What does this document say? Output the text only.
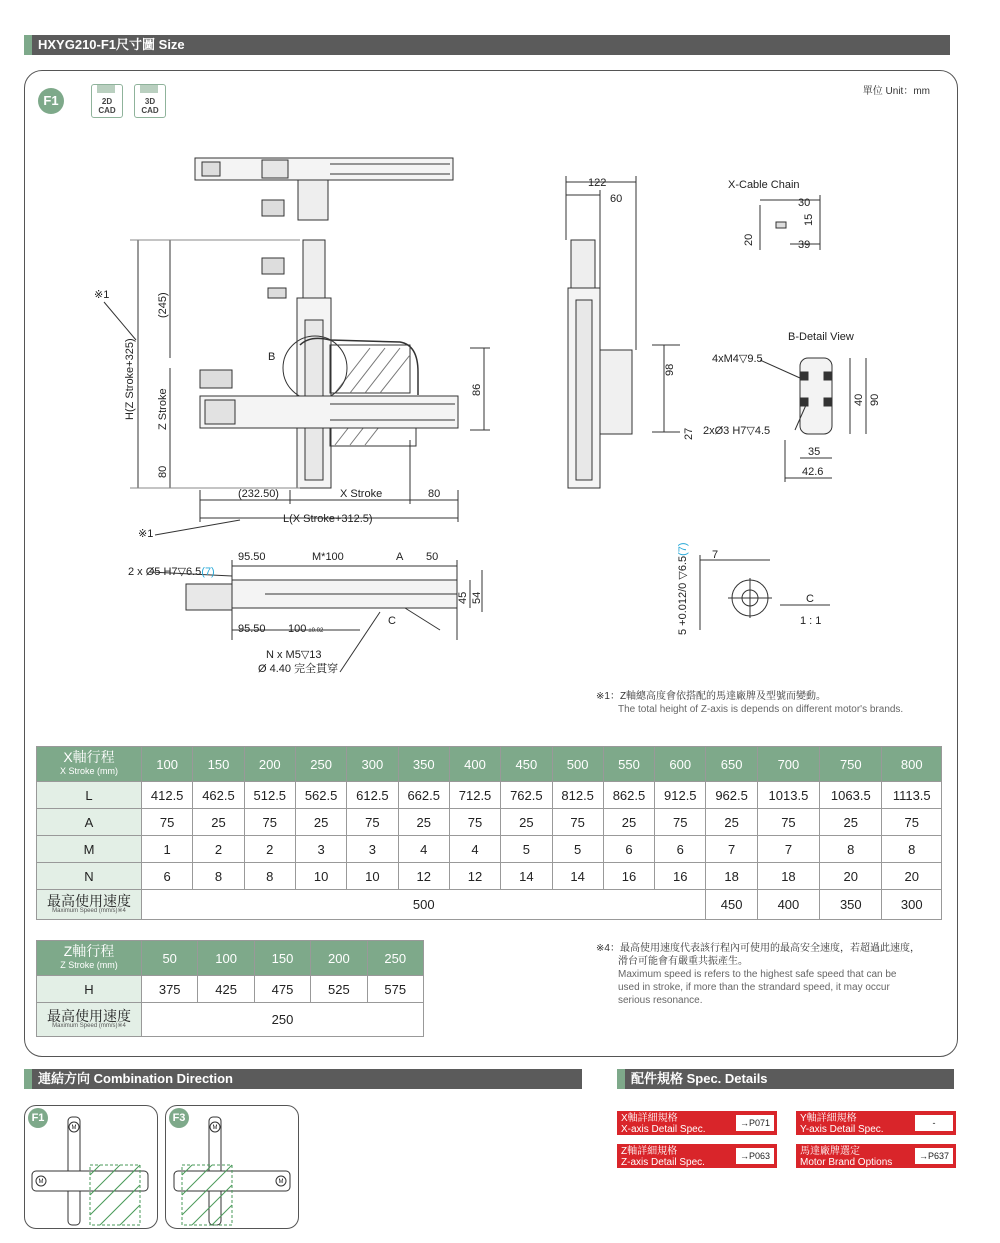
HXYG210-F1尺寸圖 Size
F1	2D
CAD
3D
CAD
單位 Unit：mm
※1
H(Z Stroke+325) Z Stroke
(245)
80
B
86
(232.50)	X Stroke	80
L(X Stroke+312.5)
※1
122
60
98
27
X-Cable Chain
30
15
39
20
B-Detail View
4xM4▽9.5
2xØ3 H7▽4.5
40 90
35
42.6
2 x Ø5 H7▽6.5(7)
95.50	M*100	A 50
45 54
95.50 100 ±0.02
C
N x M5▽13
Ø 4.40 完全貫穿
5 +0.012/0 ▽6.5(7) 7
C
1 : 1
※1：Z軸總高度會依搭配的馬達廠牌及型號而變動。
The total height of Z-axis is depends on different motor's brands.
X軸行程
X Stroke (mm)	100	150	200	250	300	350	400	450	500	550	600	650	700	750	800
L	412.5	462.5	512.5	562.5	612.5	662.5	712.5	762.5	812.5	862.5	912.5	962.5	1013.5	1063.5	1113.5
A	75	25	75	25	75	25	75	25	75	25	75	25	75	25	75
M	1	2	2	3	3	4	4	5	5	6	6	7	7	8	8
N	6	8	8	10	10	12	12	14	14	16	16	18	18	20	20

最高使用速度
Maximum Speed (mm/s)※4	500											450	400	350	300
Z軸行程
Z Stroke (mm)	50	100	150	200	250
H	375	425	475	525	575

最高使用速度
Maximum Speed (mm/s)※4	250				
※4：最高使用速度代表該行程內可使用的最高安全速度，若超過此速度，
滑台可能會有嚴重共振產生。
Maximum speed is refers to the highest safe speed that can be
used in stroke, if more than the strandard speed, it may occur
serious resonance.
連結方向 Combination Direction
F1	F3
M
M
M
M
配件規格 Spec. Details
X軸詳細規格
X-axis Detail Spec.
→P071	Y軸詳細規格
Y-axis Detail Spec.
-
Z軸詳細規格
Z-axis Detail Spec.
→P063	馬達廠牌選定
Motor Brand Options
→P637
